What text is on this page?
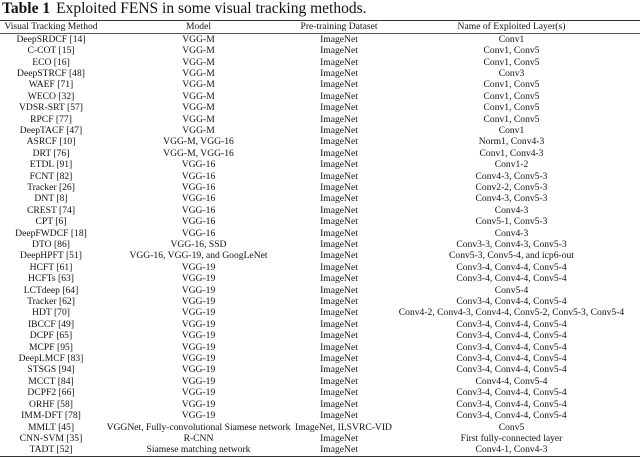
Table 1 Exploited FENS in some visual tracking methods.
Visual Tracking Method	Model	Pre-training Dataset	Name of Exploited Layer(s)
DeepSRDCF [14]	VGG-M	ImageNet	Conv1
C-COT [15]	VGG-M	ImageNet	Conv1, Conv5
ECO [16]	VGG-M	ImageNet	Conv1, Conv5
DeepSTRCF [48]	VGG-M	ImageNet	Conv3
WAEF [71]	VGG-M	ImageNet	Conv1, Conv5
WECO [32]	VGG-M	ImageNet	Conv1, Conv5
VDSR-SRT [57]	VGG-M	ImageNet	Conv1, Conv5
RPCF [77]	VGG-M	ImageNet	Conv1, Conv5
DeepTACF [47]	VGG-M	ImageNet	Conv1
ASRCF [10]	VGG-M, VGG-16	ImageNet	Norm1, Conv4-3
DRT [76]	VGG-M, VGG-16	ImageNet	Conv1, Conv4-3
ETDL [91]	VGG-16	ImageNet	Conv1-2
FCNT [82]	VGG-16	ImageNet	Conv4-3, Conv5-3
Tracker [26]	VGG-16	ImageNet	Conv2-2, Conv5-3
DNT [8]	VGG-16	ImageNet	Conv4-3, Conv5-3
CREST [74]	VGG-16	ImageNet	Conv4-3
CPT [6]	VGG-16	ImageNet	Conv5-1, Conv5-3
DeepFWDCF [18]	VGG-16	ImageNet	Conv4-3
DTO [86]	VGG-16, SSD	ImageNet	Conv3-3, Conv4-3, Conv5-3
DeepHPFT [51]	VGG-16, VGG-19, and GoogLeNet	ImageNet	Conv5-3, Conv5-4, and icp6-out
HCFT [61]	VGG-19	ImageNet	Conv3-4, Conv4-4, Conv5-4
HCFTs [63]	VGG-19	ImageNet	Conv3-4, Conv4-4, Conv5-4
LCTdeep [64]	VGG-19	ImageNet	Conv5-4
Tracker [62]	VGG-19	ImageNet	Conv3-4, Conv4-4, Conv5-4
HDT [70]	VGG-19	ImageNet	Conv4-2, Conv4-3, Conv4-4, Conv5-2, Conv5-3, Conv5-4
IBCCF [49]	VGG-19	ImageNet	Conv3-4, Conv4-4, Conv5-4
DCPF [65]	VGG-19	ImageNet	Conv3-4, Conv4-4, Conv5-4
MCPF [95]	VGG-19	ImageNet	Conv3-4, Conv4-4, Conv5-4
DeepLMCF [83]	VGG-19	ImageNet	Conv3-4, Conv4-4, Conv5-4
STSGS [94]	VGG-19	ImageNet	Conv3-4, Conv4-4, Conv5-4
MCCT [84]	VGG-19	ImageNet	Conv4-4, Conv5-4
DCPF2 [66]	VGG-19	ImageNet	Conv3-4, Conv4-4, Conv5-4
ORHF [58]	VGG-19	ImageNet	Conv3-4, Conv4-4, Conv5-4
IMM-DFT [78]	VGG-19	ImageNet	Conv3-4, Conv4-4, Conv5-4
MMLT [45]	VGGNet, Fully-convolutional Siamese network	ImageNet, ILSVRC-VID	Conv5
CNN-SVM [35]	R-CNN	ImageNet	First fully-connected layer
TADT [52]	Siamese matching network	ImageNet	Conv4-1, Conv4-3
